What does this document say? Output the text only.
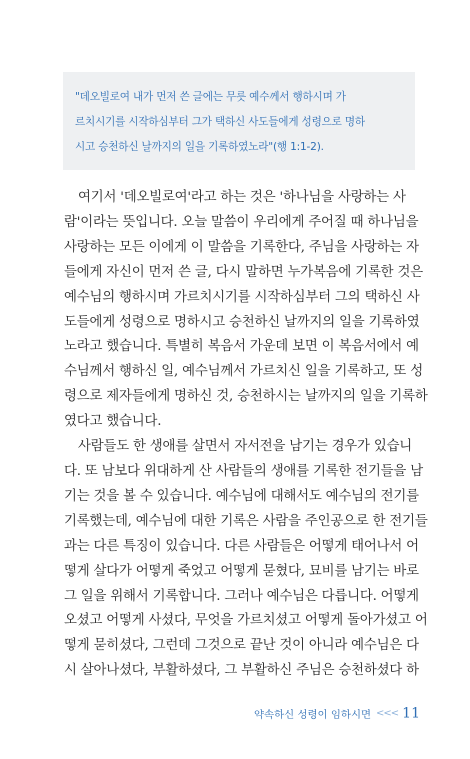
"데오빌로여 내가 먼저 쓴 글에는 무릇 예수께서 행하시며 가
르치시기를 시작하심부터 그가 택하신 사도들에게 성령으로 명하
시고 승천하신 날까지의 일을 기록하였노라"(행 1:1-2).
여기서 '데오빌로여'라고 하는 것은 '하나님을 사랑하는 사
람'이라는 뜻입니다. 오늘 말씀이 우리에게 주어질 때 하나님을
사랑하는 모든 이에게 이 말씀을 기록한다, 주님을 사랑하는 자
들에게 자신이 먼저 쓴 글, 다시 말하면 누가복음에 기록한 것은
예수님의 행하시며 가르치시기를 시작하심부터 그의 택하신 사
도들에게 성령으로 명하시고 승천하신 날까지의 일을 기록하였
노라고 했습니다. 특별히 복음서 가운데 보면 이 복음서에서 예
수님께서 행하신 일, 예수님께서 가르치신 일을 기록하고, 또 성
령으로 제자들에게 명하신 것, 승천하시는 날까지의 일을 기록하
였다고 했습니다.
사람들도 한 생애를 살면서 자서전을 남기는 경우가 있습니
다. 또 남보다 위대하게 산 사람들의 생애를 기록한 전기들을 남
기는 것을 볼 수 있습니다. 예수님에 대해서도 예수님의 전기를
기록했는데, 예수님에 대한 기록은 사람을 주인공으로 한 전기들
과는 다른 특징이 있습니다. 다른 사람들은 어떻게 태어나서 어
떻게 살다가 어떻게 죽었고 어떻게 묻혔다, 묘비를 남기는 바로
그 일을 위해서 기록합니다. 그러나 예수님은 다릅니다. 어떻게
오셨고 어떻게 사셨다, 무엇을 가르치셨고 어떻게 돌아가셨고 어
떻게 묻히셨다, 그런데 그것으로 끝난 것이 아니라 예수님은 다
시 살아나셨다, 부활하셨다, 그 부활하신 주님은 승천하셨다 하
약속하신 성령이 임하시면 <<< 11
